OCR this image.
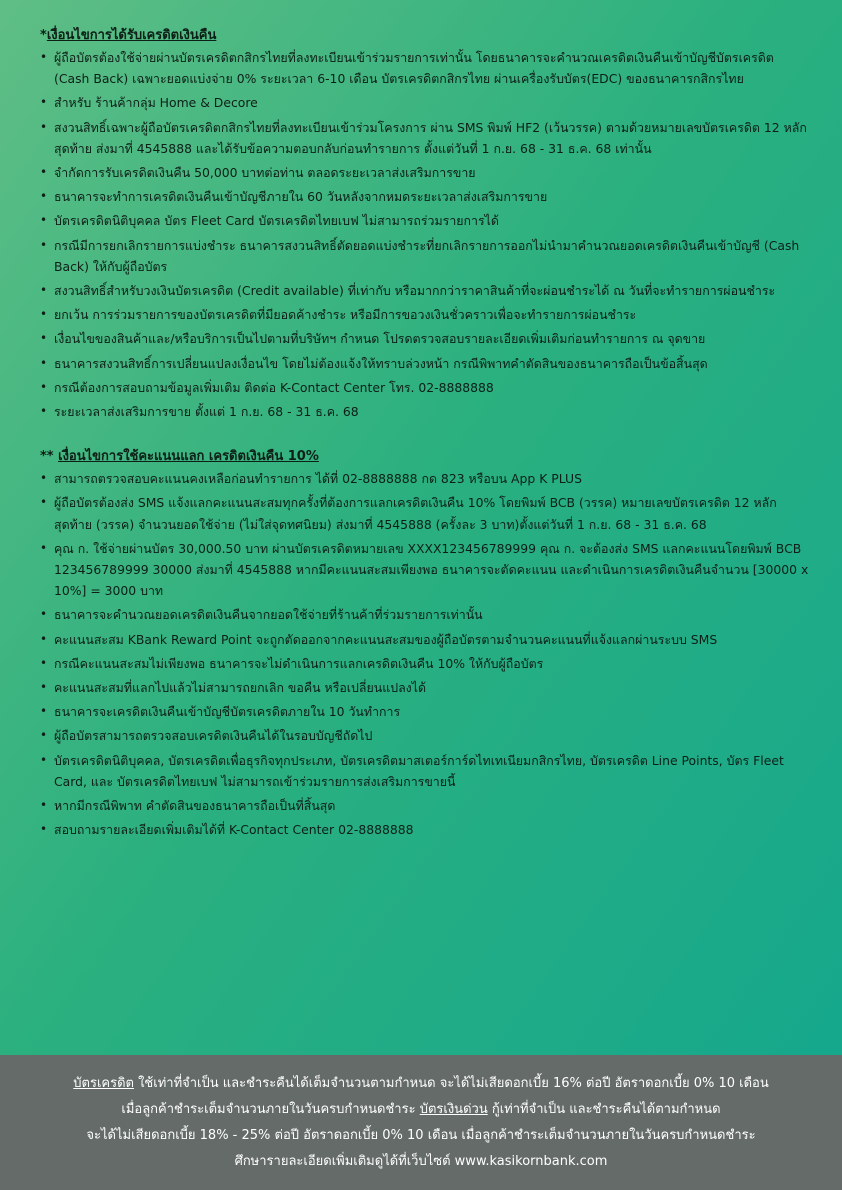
*เงื่อนไขการได้รับเครดิตเงินคืน
• ผู้ถือบัตรต้องใช้จ่ายผ่านบัตรเครดิตกสิกรไทยที่ลงทะเบียนเข้าร่วมรายการเท่านั้น โดยธนาคารจะคำนวณเครดิตเงินคืนเข้าบัญชีบัตรเครดิต (Cash Back) เฉพาะยอดแบ่งจ่าย 0% ระยะเวลา 6-10 เดือน บัตรเครดิตกสิกรไทย ผ่านเครื่องรับบัตร(EDC) ของธนาคารกสิกรไทย
• สำหรับ ร้านค้ากลุ่ม Home & Decore
• สงวนสิทธิ์เฉพาะผู้ถือบัตรเครดิตกสิกรไทยที่ลงทะเบียนเข้าร่วมโครงการ ผ่าน SMS พิมพ์ HF2 (เว้นวรรค) ตามด้วยหมายเลขบัตรเครดิต 12 หลักสุดท้าย ส่งมาที่ 4545888 และได้รับข้อความตอบกลับก่อนทำรายการ ตั้งแต่วันที่ 1 ก.ย. 68 - 31 ธ.ค. 68 เท่านั้น
• จำกัดการรับเครดิตเงินคืน 50,000 บาทต่อท่าน ตลอดระยะเวลาส่งเสริมการขาย
• ธนาคารจะทำการเครดิตเงินคืนเข้าบัญชีภายใน 60 วันหลังจากหมดระยะเวลาส่งเสริมการขาย
• บัตรเครดิตนิติบุคคล บัตร Fleet Card บัตรเครดิตไทยเบฟ ไม่สามารถร่วมรายการได้
• กรณีมีการยกเลิกรายการแบ่งชำระ ธนาคารสงวนสิทธิ์ตัดยอดแบ่งชำระที่ยกเลิกรายการออกไม่นำมาคำนวณยอดเครดิตเงินคืนเข้าบัญชี (Cash Back) ให้กับผู้ถือบัตร
• สงวนสิทธิ์สำหรับวงเงินบัตรเครดิต (Credit available) ที่เท่ากับ หรือมากกว่าราคาสินค้าที่จะผ่อนชำระได้ ณ วันที่จะทำรายการผ่อนชำระ
• ยกเว้น การร่วมรายการของบัตรเครดิตที่มียอดค้างชำระ หรือมีการขอวงเงินชั่วคราวเพื่อจะทำรายการผ่อนชำระ
• เงื่อนไขของสินค้าและ/หรือบริการเป็นไปตามที่บริษัทฯ กำหนด โปรดตรวจสอบรายละเอียดเพิ่มเติมก่อนทำรายการ ณ จุดขาย
• ธนาคารสงวนสิทธิ์การเปลี่ยนแปลงเงื่อนไข โดยไม่ต้องแจ้งให้ทราบล่วงหน้า กรณีพิพาทคำตัดสินของธนาคารถือเป็นข้อสิ้นสุด
• กรณีต้องการสอบถามข้อมูลเพิ่มเติม ติดต่อ K-Contact Center โทร. 02-8888888
• ระยะเวลาส่งเสริมการขาย ตั้งแต่ 1 ก.ย. 68 - 31 ธ.ค. 68
** เงื่อนไขการใช้คะแนนแลก เครดิตเงินคืน 10%
• สามารถตรวจสอบคะแนนคงเหลือก่อนทำรายการ ได้ที่ 02-8888888 กด 823 หรือบน App K PLUS
• ผู้ถือบัตรต้องส่ง SMS แจ้งแลกคะแนนสะสมทุกครั้งที่ต้องการแลกเครดิตเงินคืน 10% โดยพิมพ์ BCB (วรรค) หมายเลขบัตรเครดิต 12 หลักสุดท้าย (วรรค) จำนวนยอดใช้จ่าย (ไม่ใส่จุดทศนิยม) ส่งมาที่ 4545888 (ครั้งละ 3 บาท)ตั้งแต่วันที่ 1 ก.ย. 68 - 31 ธ.ค. 68
• คุณ ก. ใช้จ่ายผ่านบัตร 30,000.50 บาท ผ่านบัตรเครดิตหมายเลข XXXX123456789999 คุณ ก. จะต้องส่ง SMS แลกคะแนนโดยพิมพ์ BCB 123456789999 30000 ส่งมาที่ 4545888 หากมีคะแนนสะสมเพียงพอ ธนาคารจะตัดคะแนน และดำเนินการเครดิตเงินคืนจำนวน [30000 x 10%] = 3000 บาท
• ธนาคารจะคำนวณยอดเครดิตเงินคืนจากยอดใช้จ่ายที่ร้านค้าที่ร่วมรายการเท่านั้น
• คะแนนสะสม KBank Reward Point จะถูกตัดออกจากคะแนนสะสมของผู้ถือบัตรตามจำนวนคะแนนที่แจ้งแลกผ่านระบบ SMS
• กรณีคะแนนสะสมไม่เพียงพอ ธนาคารจะไม่ดำเนินการแลกเครดิตเงินคืน 10% ให้กับผู้ถือบัตร
• คะแนนสะสมที่แลกไปแล้วไม่สามารถยกเลิก ขอคืน หรือเปลี่ยนแปลงได้
• ธนาคารจะเครดิตเงินคืนเข้าบัญชีบัตรเครดิตภายใน 10 วันทำการ
• ผู้ถือบัตรสามารถตรวจสอบเครดิตเงินคืนได้ในรอบบัญชีถัดไป
• บัตรเครดิตนิติบุคคล, บัตรเครดิตเพื่อธุรกิจทุกประเภท, บัตรเครดิตมาสเตอร์การ์ดไทเทเนียมกสิกรไทย, บัตรเครดิต Line Points, บัตร Fleet Card, และ บัตรเครดิตไทยเบฟ ไม่สามารถเข้าร่วมรายการส่งเสริมการขายนี้
• หากมีกรณีพิพาท คำตัดสินของธนาคารถือเป็นที่สิ้นสุด
• สอบถามรายละเอียดเพิ่มเติมได้ที่ K-Contact Center 02-8888888
บัตรเครดิต ใช้เท่าที่จำเป็น และชำระคืนได้เต็มจำนวนตามกำหนด จะได้ไม่เสียดอกเบี้ย 16% ต่อปี อัตราดอกเบี้ย 0% 10 เดือน
เมื่อลูกค้าชำระเต็มจำนวนภายในวันครบกำหนดชำระ บัตรเงินด่วน กู้เท่าที่จำเป็น และชำระคืนได้ตามกำหนด
จะได้ไม่เสียดอกเบี้ย 18% - 25% ต่อปี อัตราดอกเบี้ย 0% 10 เดือน เมื่อลูกค้าชำระเต็มจำนวนภายในวันครบกำหนดชำระ
ศึกษารายละเอียดเพิ่มเติมดูได้ที่เว็บไซต์ www.kasikornbank.com
